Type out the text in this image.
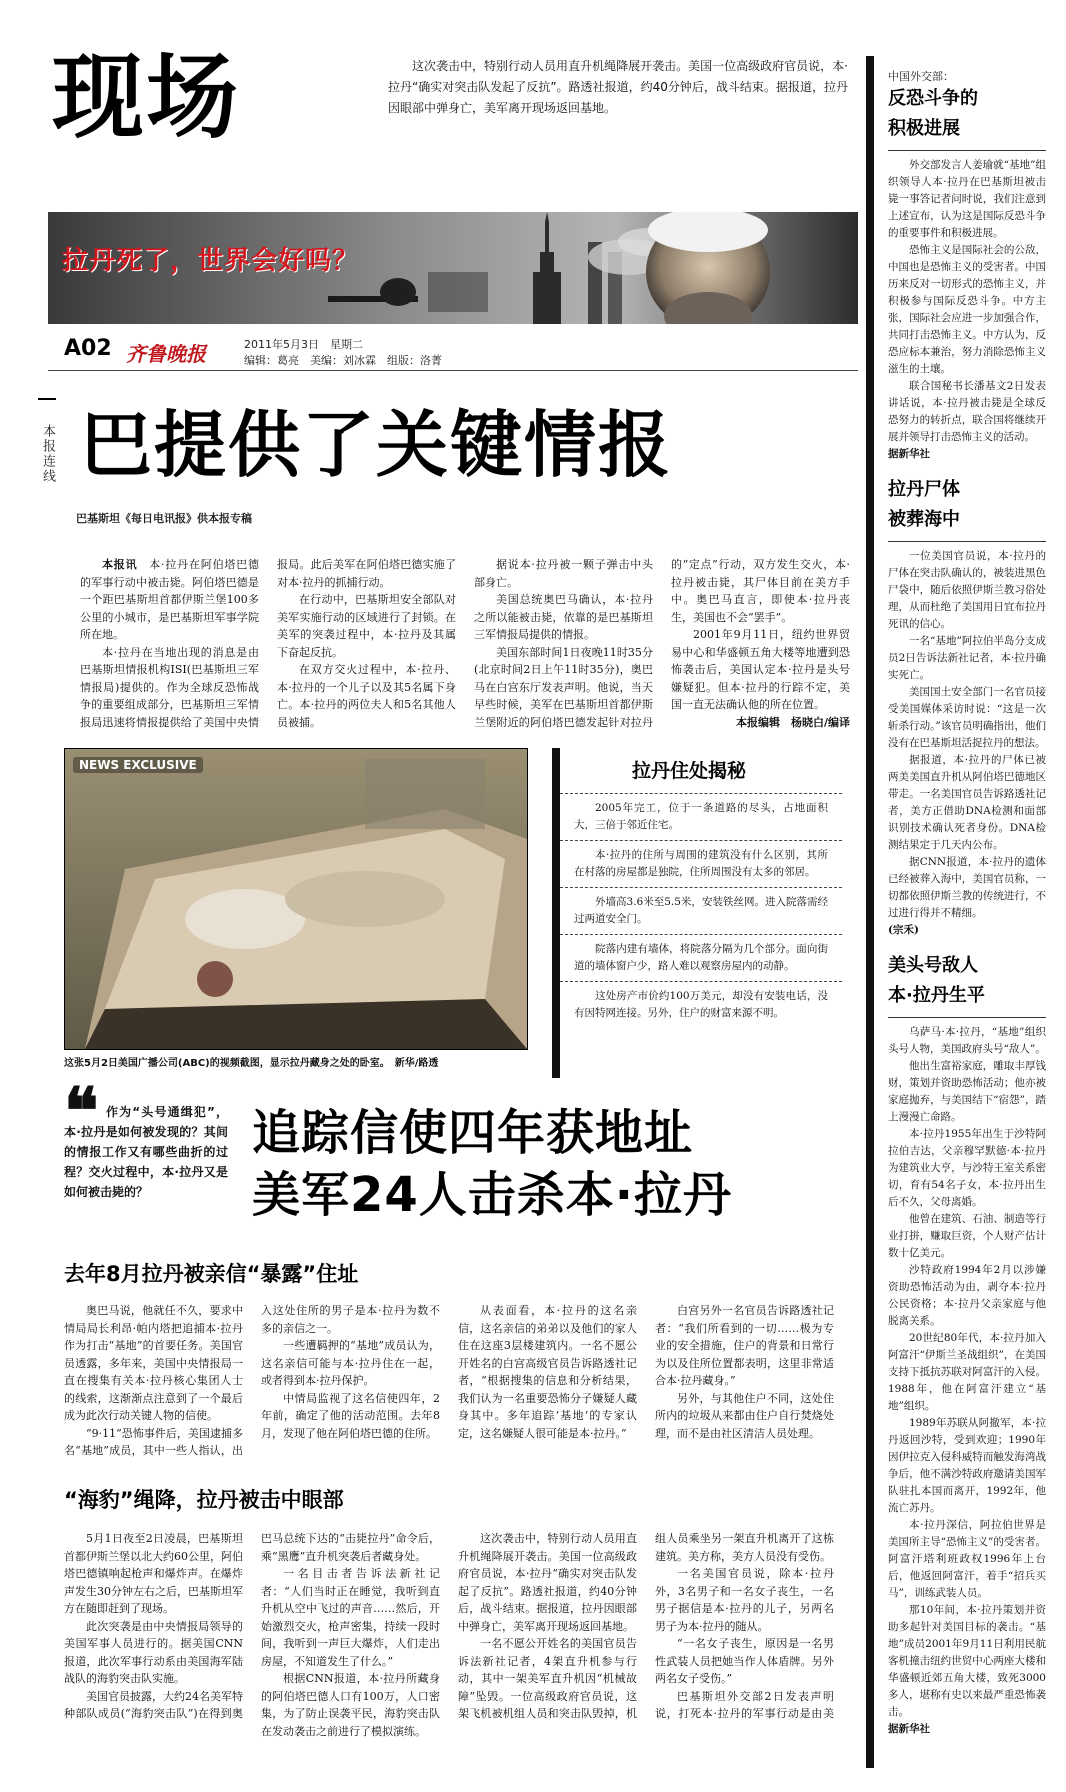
现场	这次袭击中，特别行动人员用直升机绳降展开袭击。美国一位高级政府官员说，本·拉丹“确实对突击队发起了反抗”。路透社报道，约40分钟后，战斗结束。据报道，拉丹因眼部中弹身亡，美军离开现场返回基地。
拉丹死了，世界会好吗？
A02 齐鲁晚报	2011年5月3日　星期二
编辑：葛亮　美编：刘冰霖　组版：洛菁
本报连线 巴提供了关键情报
巴基斯坦《每日电讯报》供本报专稿

本报讯　 本·拉丹在阿伯塔巴德的军事行动中被击毙。阿伯塔巴德是一个距巴基斯坦首都伊斯兰堡100多公里的小城市，是巴基斯坦军事学院所在地。

本·拉丹在当地出现的消息是由巴基斯坦情报机构ISI(巴基斯坦三军情报局)提供的。作为全球反恐怖战争的重要组成部分，巴基斯坦三军情报局迅速将情报提供给了美国中央情报局。此后美军在阿伯塔巴德实施了对本·拉丹的抓捕行动。

在行动中，巴基斯坦安全部队对美军实施行动的区域进行了封锁。在美军的突袭过程中，本·拉丹及其属下奋起反抗。

在双方交火过程中，本·拉丹、本·拉丹的一个儿子以及其5名属下身亡。本·拉丹的两位夫人和5名其他人员被捕。

据说本·拉丹被一颗子弹击中头部身亡。

美国总统奥巴马确认，本·拉丹之所以能被击毙，依靠的是巴基斯坦三军情报局提供的情报。

美国东部时间1日夜晚11时35分(北京时间2日上午11时35分)，奥巴马在白宫东厅发表声明。他说，当天早些时候，美军在巴基斯坦首都伊斯兰堡附近的阿伯塔巴德发起针对拉丹的“定点”行动，双方发生交火，本·拉丹被击毙，其尸体目前在美方手中。奥巴马直言，即使本·拉丹丧生，美国也不会“罢手”。

2001年9月11日，纽约世界贸易中心和华盛顿五角大楼等地遭到恐怖袭击后，美国认定本·拉丹是头号嫌疑犯。但本·拉丹的行踪不定，美国一直无法确认他的所在位置。

本报编辑　杨晓白/编译

NEWS EXCLUSIVE
这张5月2日美国广播公司(ABC)的视频截图，显示拉丹藏身之处的卧室。　新华/路透
拉丹住处揭秘
2005年完工，位于一条道路的尽头，占地面积大，三倍于邻近住宅。
本·拉丹的住所与周围的建筑没有什么区别，其所在村落的房屋都是独院，住所周围没有太多的邻居。
外墙高3.6米至5.5米，安装铁丝网。进入院落需经过两道安全门。
院落内建有墙体，将院落分隔为几个部分。面向街道的墙体窗户少，路人难以观察房屋内的动静。
这处房产市价约100万美元，却没有安装电话，没有因特网连接。另外，住户的财富来源不明。
❝ 作为“头号通缉犯”，本·拉丹是如何被发现的？其间的情报工作又有哪些曲折的过程？交火过程中，本·拉丹又是如何被击毙的？
追踪信使四年获地址
美军24人击杀本·拉丹
去年8月拉丹被亲信“暴露”住址

奥巴马说，他就任不久，要求中情局局长利昂·帕内塔把追捕本·拉丹作为打击“基地”的首要任务。美国官员透露，多年来，美国中央情报局一直在搜集有关本·拉丹核心集团人士的线索，这渐渐点注意到了一个最后成为此次行动关键人物的信使。

“9·11”恐怖事件后，美国逮捕多名“基地”成员，其中一些人指认，出入这处住所的男子是本·拉丹为数不多的亲信之一。

一些遭羁押的“基地”成员认为，这名亲信可能与本·拉丹住在一起，或者得到本·拉丹保护。

中情局监视了这名信使四年，2年前，确定了他的活动范围。去年8月，发现了他在阿伯塔巴德的住所。

从表面看，本·拉丹的这名亲信，这名亲信的弟弟以及他们的家人住在这座3层楼建筑内。一名不愿公开姓名的白宫高级官员告诉路透社记者，“根据搜集的信息和分析结果，我们认为一名重要恐怖分子嫌疑人藏身其中。多年追踪‘基地’的专家认定，这名嫌疑人很可能是本·拉丹。”

白宫另外一名官员告诉路透社记者：“我们所看到的一切……极为专业的安全措施，住户的背景和日常行为以及住所位置都表明，这里非常适合本·拉丹藏身。”

另外，与其他住户不同，这处住所内的垃圾从来都由住户自行焚烧处理，而不是由社区清洁人员处理。

“海豹”绳降，拉丹被击中眼部

5月1日夜至2日凌晨，巴基斯坦首都伊斯兰堡以北大约60公里，阿伯塔巴德镇响起枪声和爆炸声。在爆炸声发生30分钟左右之后，巴基斯坦军方在随即赶到了现场。

此次突袭是由中央情报局领导的美国军事人员进行的。据美国CNN报道，此次军事行动系由美国海军陆战队的海豹突击队实施。

美国官员披露，大约24名美军特种部队成员(“海豹突击队”)在得到奥巴马总统下达的“击毙拉丹”命令后，乘“黑鹰”直升机突袭后者藏身处。

一名目击者告诉法新社记者：“人们当时正在睡觉，我听到直升机从空中飞过的声音……然后，开始激烈交火，枪声密集，持续一段时间，我听到一声巨大爆炸，人们走出房屋，不知道发生了什么。”

根据CNN报道，本·拉丹所藏身的阿伯塔巴德人口有100万，人口密集，为了防止误袭平民，海豹突击队在发动袭击之前进行了模拟演练。

这次袭击中，特别行动人员用直升机绳降展开袭击。美国一位高级政府官员说，本·拉丹“确实对突击队发起了反抗”。路透社报道，约40分钟后，战斗结束。据报道，拉丹因眼部中弹身亡，美军离开现场返回基地。

一名不愿公开姓名的美国官员告诉法新社记者，4架直升机参与行动，其中一架美军直升机因“机械故障”坠毁。一位高级政府官员说，这架飞机被机组人员和突击队毁掉，机组人员乘坐另一架直升机离开了这栋建筑。美方称，美方人员没有受伤。

一名美国官员说，除本·拉丹外，3名男子和一名女子丧生，一名男子据信是本·拉丹的儿子，另两名男子为本·拉丹的随从。

“一名女子丧生，原因是一名男性武装人员把她当作人体盾牌。另外两名女子受伤。”

巴基斯坦外交部2日发表声明说，打死本·拉丹的军事行动是由美

中国外交部：
反恐斗争的
积极进展

外交部发言人姜瑜就“基地”组织领导人本·拉丹在巴基斯坦被击毙一事答记者问时说，我们注意到上述宣布，认为这是国际反恐斗争的重要事件和积极进展。

恐怖主义是国际社会的公敌，中国也是恐怖主义的受害者。中国历来反对一切形式的恐怖主义，并积极参与国际反恐斗争。中方主张，国际社会应进一步加强合作，共同打击恐怖主义。中方认为，反恐应标本兼治，努力消除恐怖主义滋生的土壤。

联合国秘书长潘基文2日发表讲话说，本·拉丹被击毙是全球反恐努力的转折点，联合国将继续开展并领导打击恐怖主义的活动。

据新华社

拉丹尸体
被葬海中

一位美国官员说，本·拉丹的尸体在突击队确认的，被装进黑色尸袋中，随后依照伊斯兰教习俗处理，从而杜绝了美国用日宜布拉丹死讯的信心。

一名“基地”阿拉伯半岛分支成员2日告诉法新社记者，本·拉丹确实死亡。

美国国土安全部门一名官员接受美国媒体采访时说：“这是一次斩杀行动。”该官员明确指出，他们没有在巴基斯坦活捉拉丹的想法。

据报道，本·拉丹的尸体已被两美美国直升机从阿伯塔巴德地区带走。一名美国官员告诉路透社记者，美方正借助DNA检测和面部识别技术确认死者身份。DNA检测结果定于几天内公布。

据CNN报道，本·拉丹的遗体已经被葬入海中，美国官员称，一切都依照伊斯兰教的传统进行，不过进行得并不精细。

(宗禾)

美头号敌人
本·拉丹生平

乌萨马·本·拉丹，“基地”组织头号人物，美国政府头号“敌人”。

他出生富裕家庭，雕取丰厚钱财，策划并资助恐怖活动；他亦被家庭抛弃，与美国结下“宿怨”，踏上漫漫亡命路。

本·拉丹1955年出生于沙特阿拉伯吉达，父亲穆罕默德·本·拉丹为建筑业大亨，与沙特王室关系密切，育有54名子女，本·拉丹出生后不久，父母离婚。

他曾在建筑、石油、制造等行业打拼，赚取巨资，个人财产估计数十亿美元。

沙特政府1994年2月以涉嫌资助恐怖活动为由，剥夺本·拉丹公民资格；本·拉丹父亲家庭与他脱离关系。

20世纪80年代，本·拉丹加入阿富汗“伊斯兰圣战组织”，在美国支持下抵抗苏联对阿富汗的入侵。1988年，他在阿富汗建立“基地”组织。

1989年苏联从阿撤军，本·拉丹返回沙特，受到欢迎；1990年因伊拉克入侵科威特而触发海湾战争后，他不满沙特政府邀请美国军队驻扎本国而离开，1992年，他流亡苏丹。

本·拉丹深信，阿拉伯世界是美国所主导“恐怖主义”的受害者。阿富汗塔利班政权1996年上台后，他返回阿富汗，着手“招兵买马”，训练武装人员。

那10年间，本·拉丹策划并资助多起针对美国目标的袭击。“基地”成员2001年9月11日利用民航客机撞击纽约世贸中心两座大楼和华盛顿近郊五角大楼，致死3000多人，堪称有史以来最严重恐怖袭击。

据新华社
